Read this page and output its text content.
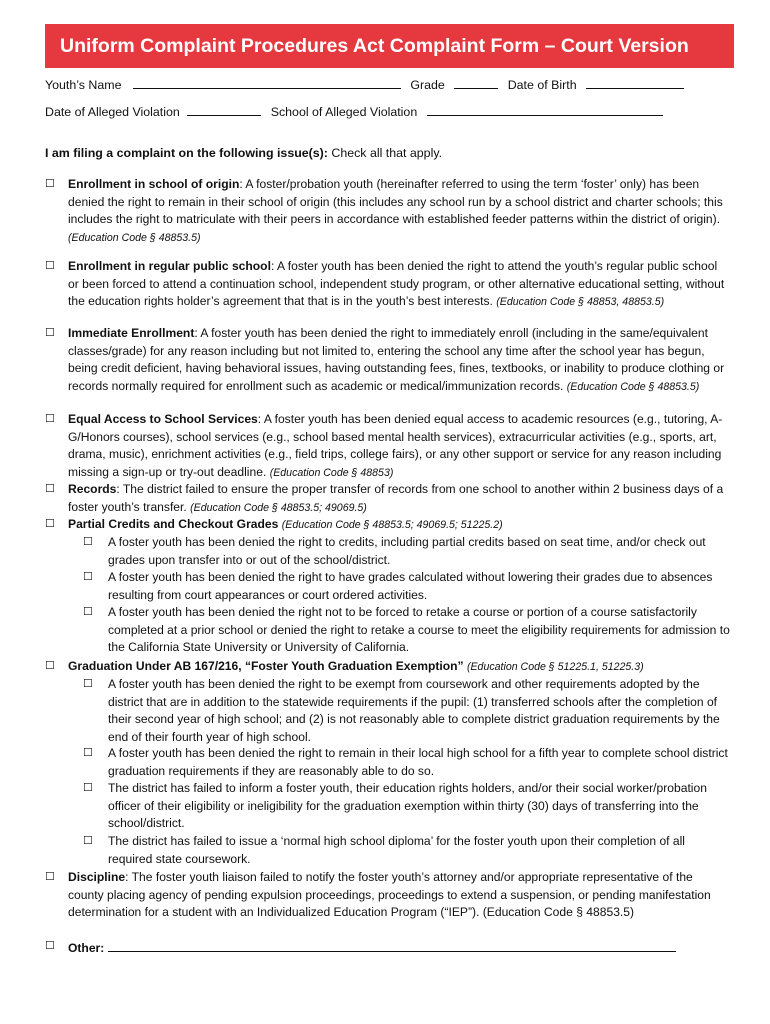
Uniform Complaint Procedures Act Complaint Form – Court Version
Youth’s Name	Grade	Date of Birth
Date of Alleged Violation	School of Alleged Violation
I am filing a complaint on the following issue(s): Check all that apply.
☐ Enrollment in school of origin: A foster/probation youth (hereinafter referred to using the term ‘foster’ only) has been denied the right to remain in their school of origin (this includes any school run by a school district and charter schools; this includes the right to matriculate with their peers in accordance with established feeder patterns within the district of origin). (Education Code § 48853.5)
☐ Enrollment in regular public school: A foster youth has been denied the right to attend the youth’s regular public school or been forced to attend a continuation school, independent study program, or other alternative educational setting, without the education rights holder’s agreement that that is in the youth’s best interests. (Education Code § 48853, 48853.5)
☐ Immediate Enrollment: A foster youth has been denied the right to immediately enroll (including in the same/equivalent classes/grade) for any reason including but not limited to, entering the school any time after the school year has begun, being credit deficient, having behavioral issues, having outstanding fees, fines, textbooks, or inability to produce clothing or records normally required for enrollment such as academic or medical/immunization records. (Education Code § 48853.5)
☐ Equal Access to School Services: A foster youth has been denied equal access to academic resources (e.g., tutoring, A-G/Honors courses), school services (e.g., school based mental health services), extracurricular activities (e.g., sports, art, drama, music), enrichment activities (e.g., field trips, college fairs), or any other support or service for any reason including missing a sign-up or try-out deadline. (Education Code § 48853)
☐ Records: The district failed to ensure the proper transfer of records from one school to another within 2 business days of a foster youth’s transfer. (Education Code § 48853.5; 49069.5)
☐ Partial Credits and Checkout Grades (Education Code § 48853.5; 49069.5; 51225.2)
☐ A foster youth has been denied the right to credits, including partial credits based on seat time, and/or check out grades upon transfer into or out of the school/district.
☐ A foster youth has been denied the right to have grades calculated without lowering their grades due to absences resulting from court appearances or court ordered activities.
☐ A foster youth has been denied the right not to be forced to retake a course or portion of a course satisfactorily completed at a prior school or denied the right to retake a course to meet the eligibility requirements for admission to the California State University or University of California.
☐ Graduation Under AB 167/216, “Foster Youth Graduation Exemption” (Education Code § 51225.1, 51225.3)
☐ A foster youth has been denied the right to be exempt from coursework and other requirements adopted by the district that are in addition to the statewide requirements if the pupil: (1) transferred schools after the completion of their second year of high school; and (2) is not reasonably able to complete district graduation requirements by the end of their fourth year of high school.
☐ A foster youth has been denied the right to remain in their local high school for a fifth year to complete school district graduation requirements if they are reasonably able to do so.
☐ The district has failed to inform a foster youth, their education rights holders, and/or their social worker/probation officer of their eligibility or ineligibility for the graduation exemption within thirty (30) days of transferring into the school/district.
☐ The district has failed to issue a ‘normal high school diploma’ for the foster youth upon their completion of all required state coursework.
☐ Discipline: The foster youth liaison failed to notify the foster youth’s attorney and/or appropriate representative of the county placing agency of pending expulsion proceedings, proceedings to extend a suspension, or pending manifestation determination for a student with an Individualized Education Program (“IEP”). (Education Code § 48853.5)
☐ Other:
